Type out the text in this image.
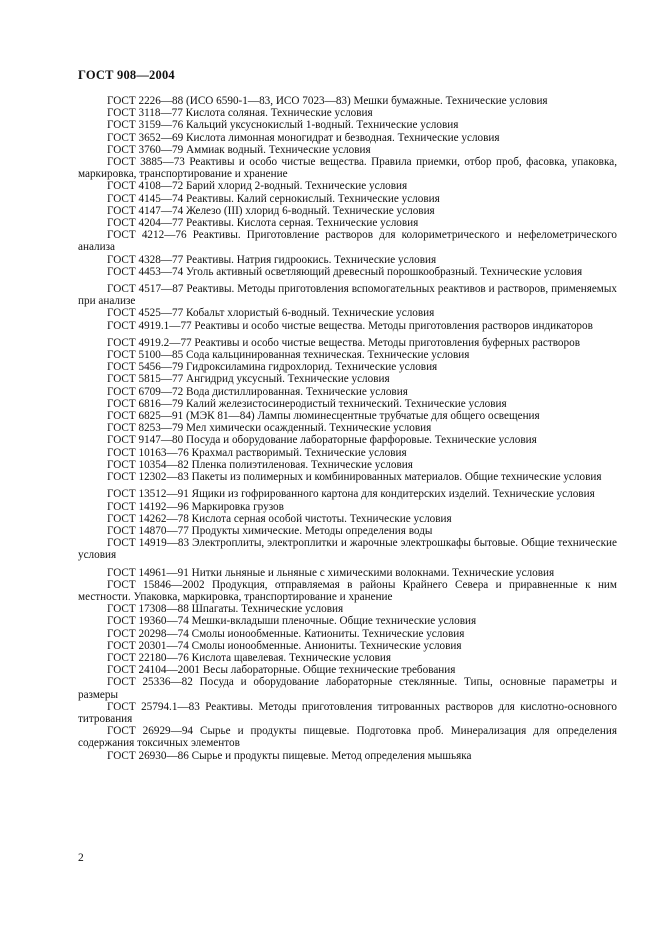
ГОСТ 908—2004

ГОСТ 2226—88 (ИСО 6590-1—83, ИСО 7023—83) Мешки бумажные. Технические условия

ГОСТ 3118—77 Кислота соляная. Технические условия

ГОСТ 3159—76 Кальций уксуснокислый 1-водный. Технические условия

ГОСТ 3652—69 Кислота лимонная моногидрат и безводная. Технические условия

ГОСТ 3760—79 Аммиак водный. Технические условия

ГОСТ 3885—73 Реактивы и особо чистые вещества. Правила приемки, отбор проб, фасовка, упаковка, маркировка, транспортирование и хранение

ГОСТ 4108—72 Барий хлорид 2-водный. Технические условия

ГОСТ 4145—74 Реактивы. Калий сернокислый. Технические условия

ГОСТ 4147—74 Железо (III) хлорид 6-водный. Технические условия

ГОСТ 4204—77 Реактивы. Кислота серная. Технические условия

ГОСТ 4212—76 Реактивы. Приготовление растворов для колориметрического и нефелометрического анализа

ГОСТ 4328—77 Реактивы. Натрия гидроокись. Технические условия

ГОСТ 4453—74 Уголь активный осветляющий древесный порошкообразный. Технические условия

ГОСТ 4517—87 Реактивы. Методы приготовления вспомогательных реактивов и растворов, применяемых при анализе

ГОСТ 4525—77 Кобальт хлористый 6-водный. Технические условия

ГОСТ 4919.1—77 Реактивы и особо чистые вещества. Методы приготовления растворов индикаторов

ГОСТ 4919.2—77 Реактивы и особо чистые вещества. Методы приготовления буферных растворов

ГОСТ 5100—85 Сода кальцинированная техническая. Технические условия

ГОСТ 5456—79 Гидроксиламина гидрохлорид. Технические условия

ГОСТ 5815—77 Ангидрид уксусный. Технические условия

ГОСТ 6709—72 Вода дистиллированная. Технические условия

ГОСТ 6816—79 Калий железистосинеродистый технический. Технические условия

ГОСТ 6825—91 (МЭК 81—84) Лампы люминесцентные трубчатые для общего освещения

ГОСТ 8253—79 Мел химически осажденный. Технические условия

ГОСТ 9147—80 Посуда и оборудование лабораторные фарфоровые. Технические условия

ГОСТ 10163—76 Крахмал растворимый. Технические условия

ГОСТ 10354—82 Пленка полиэтиленовая. Технические условия

ГОСТ 12302—83 Пакеты из полимерных и комбинированных материалов. Общие технические условия

ГОСТ 13512—91 Ящики из гофрированного картона для кондитерских изделий. Технические условия

ГОСТ 14192—96 Маркировка грузов

ГОСТ 14262—78 Кислота серная особой чистоты. Технические условия

ГОСТ 14870—77 Продукты химические. Методы определения воды

ГОСТ 14919—83 Электроплиты, электроплитки и жарочные электрошкафы бытовые. Общие технические условия

ГОСТ 14961—91 Нитки льняные и льняные с химическими волокнами. Технические условия

ГОСТ 15846—2002 Продукция, отправляемая в районы Крайнего Севера и приравненные к ним местности. Упаковка, маркировка, транспортирование и хранение

ГОСТ 17308—88 Шпагаты. Технические условия

ГОСТ 19360—74 Мешки-вкладыши пленочные. Общие технические условия

ГОСТ 20298—74 Смолы ионообменные. Катиониты. Технические условия

ГОСТ 20301—74 Смолы ионообменные. Аниониты. Технические условия

ГОСТ 22180—76 Кислота щавелевая. Технические условия

ГОСТ 24104—2001 Весы лабораторные. Общие технические требования

ГОСТ 25336—82 Посуда и оборудование лабораторные стеклянные. Типы, основные параметры и размеры

ГОСТ 25794.1—83 Реактивы. Методы приготовления титрованных растворов для кислотно-основного титрования

ГОСТ 26929—94 Сырье и продукты пищевые. Подготовка проб. Минерализация для определения содержания токсичных элементов

ГОСТ 26930—86 Сырье и продукты пищевые. Метод определения мышьяка

2
